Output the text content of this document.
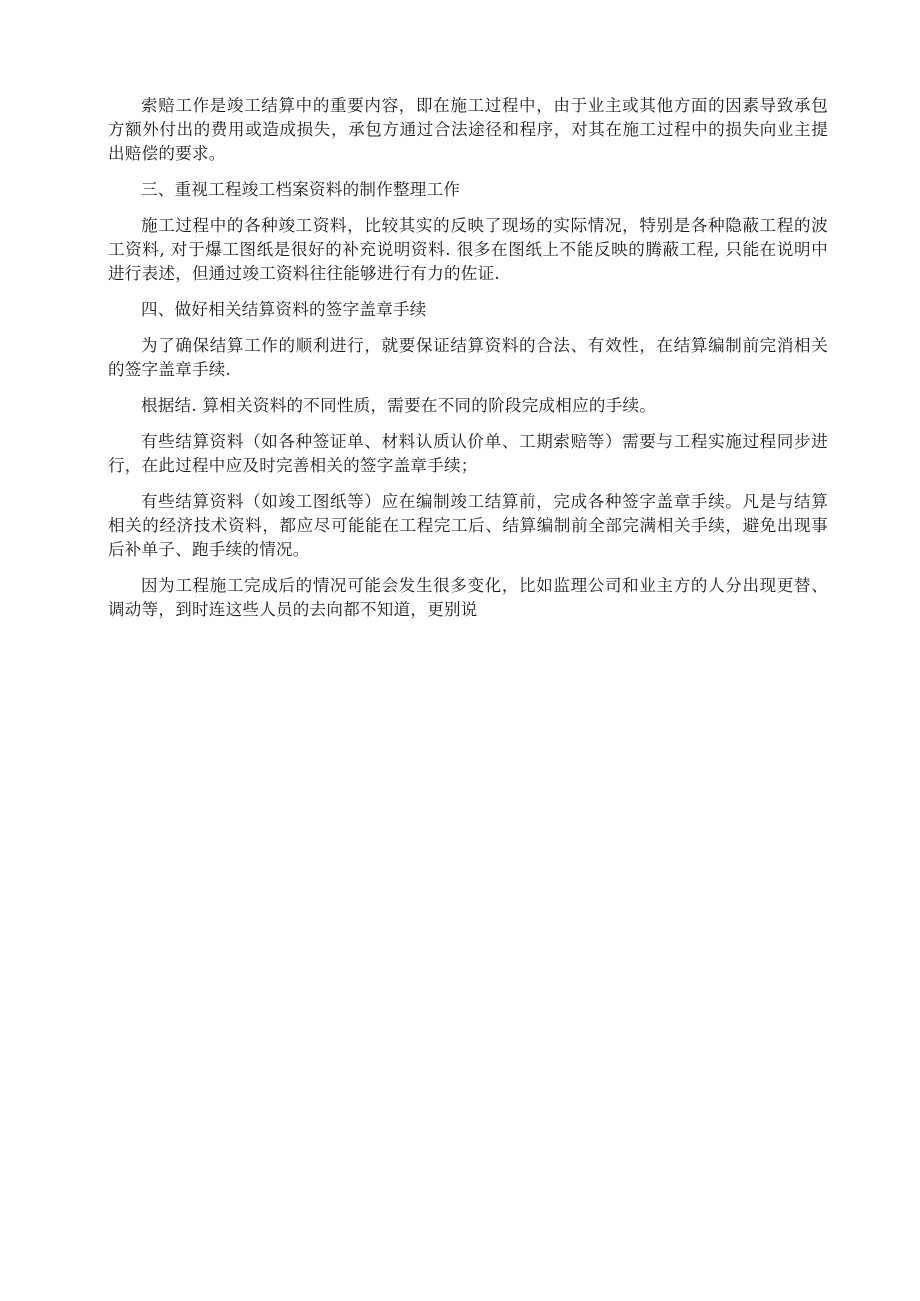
索赔工作是竣工结算中的重要内容，即在施工过程中，由于业主或其他方面的因素导致承包方额外付出的费用或造成损失，承包方通过合法途径和程序，对其在施工过程中的损失向业主提出赔偿的要求。

三、重视工程竣工档案资料的制作整理工作

施工过程中的各种竣工资料，比较其实的反映了现场的实际情况，特别是各种隐蔽工程的波工资料, 对于爆工图纸是很好的补充说明资料. 很多在图纸上不能反映的腾蔽工程, 只能在说明中进行表述，但通过竣工资料往往能够进行有力的佐证.

四、做好相关结算资料的签字盖章手续

为了确保结算工作的顺利进行，就要保证结算资料的合法、有效性，在结算编制前完消相关的签字盖章手续.

根据结. 算相关资料的不同性质，需要在不同的阶段完成相应的手续。

有些结算资料（如各种签证单、材料认质认价单、工期索赔等）需要与工程实施过程同步进行，在此过程中应及时完善相关的签字盖章手续；

有些结算资料（如竣工图纸等）应在编制竣工结算前，完成各种签字盖章手续。凡是与结算相关的经济技术资料，都应尽可能能在工程完工后、结算编制前全部完满相关手续，避免出现事后补单子、跑手续的情况。

因为工程施工完成后的情况可能会发生很多变化，比如监理公司和业主方的人分出现更替、调动等，到时连这些人员的去向都不知道，更别说
